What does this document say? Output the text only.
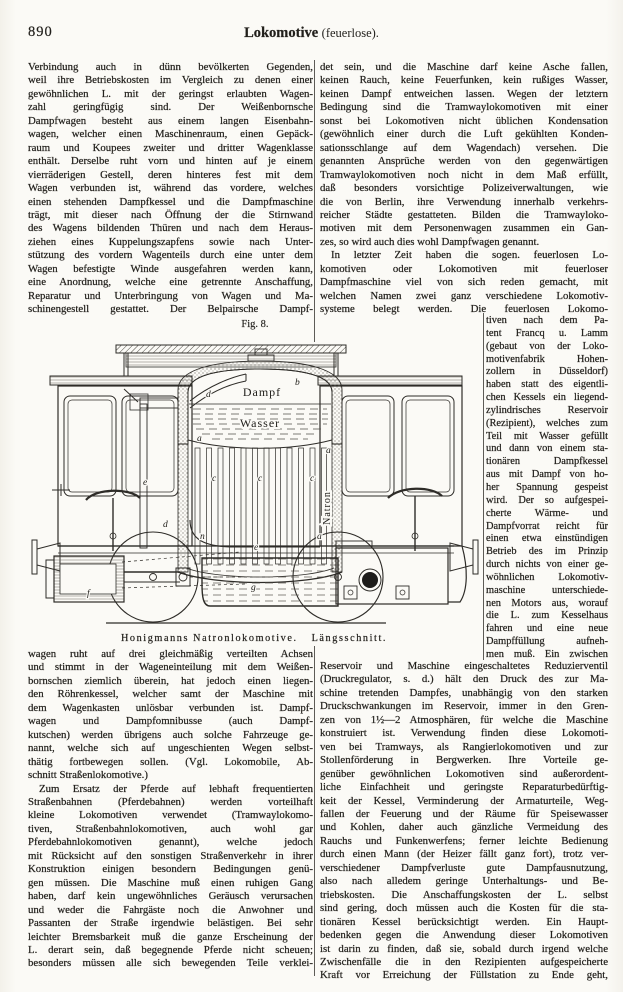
890	Lokomotive (feuerlose).
Verbindung auch in dünn bevölkerten Gegenden,
weil ihre Betriebskosten im Vergleich zu denen einer
gewöhnlichen L. mit der geringst erlaubten Wagen-
zahl geringfügig sind. Der Weißenbornsche
Dampfwagen besteht aus einem langen Eisenbahn-
wagen, welcher einen Maschinenraum, einen Gepäck-
raum und Koupees zweiter und dritter Wagenklasse
enthält. Derselbe ruht vorn und hinten auf je einem
vierräderigen Gestell, deren hinteres fest mit dem
Wagen verbunden ist, während das vordere, welches
einen stehenden Dampfkessel und die Dampfmaschine
trägt, mit dieser nach Öffnung der die Stirnwand
des Wagens bildenden Thüren und nach dem Heraus-
ziehen eines Kuppelungszapfens sowie nach Unter-
stützung des vordern Wagenteils durch eine unter dem
Wagen befestigte Winde ausgefahren werden kann,
eine Anordnung, welche eine getrennte Anschaffung,
Reparatur und Unterbringung von Wagen und Ma-
schinengestell gestattet. Der Belpairsche Dampf-
det sein, und die Maschine darf keine Asche fallen,
keinen Rauch, keine Feuerfunken, kein rußiges Wasser,
keinen Dampf entweichen lassen. Wegen der letztern
Bedingung sind die Tramwaylokomotiven mit einer
sonst bei Lokomotiven nicht üblichen Kondensation
(gewöhnlich einer durch die Luft gekühlten Konden-
sationsschlange auf dem Wagendach) versehen. Die
genannten Ansprüche werden von den gegenwärtigen
Tramwaylokomotiven noch nicht in dem Maß erfüllt,
daß besonders vorsichtige Polizeiverwaltungen, wie
die von Berlin, ihre Verwendung innerhalb verkehrs-
reicher Städte gestatteten. Bilden die Tramwayloko-
motiven mit dem Personenwagen zusammen ein Gan-
zes, so wird auch dies wohl Dampfwagen genannt.
In letzter Zeit haben die sogen. feuerlosen Lo-
komotiven oder Lokomotiven mit feuerloser
Dampfmaschine viel von sich reden gemacht, mit
welchen Namen zwei ganz verschiedene Lokomotiv-
systeme belegt werden. Die feuerlosen Lokomo-
tiven nach dem Pa-
tent Francq u. Lamm
(gebaut von der Loko-
motivenfabrik Hohen-
zollern in Düsseldorf)
haben statt des eigentli-
chen Kessels ein liegend-
zylindrisches Reservoir
(Rezipient), welches zum
Teil mit Wasser gefüllt
und dann von einem sta-
tionären Dampfkessel
aus mit Dampf von ho-
her Spannung gespeist
wird. Der so aufgespei-
cherte Wärme- und
Dampfvorrat reicht für
einen etwa einstündigen
Betrieb des im Prinzip
durch nichts von einer ge-
wöhnlichen Lokomotiv-
maschine unterschiede-
nen Motors aus, worauf
die L. zum Kesselhaus
fahren und eine neue
Dampffüllung aufneh-
men muß. Ein zwischen
wagen ruht auf drei gleichmäßig verteilten Achsen
und stimmt in der Wageneinteilung mit dem Weißen-
bornschen ziemlich überein, hat jedoch einen liegen-
den Röhrenkessel, welcher samt der Maschine mit
dem Wagenkasten unlösbar verbunden ist. Dampf-
wagen und Dampfomnibusse (auch Dampf-
kutschen) werden übrigens auch solche Fahrzeuge ge-
nannt, welche sich auf ungeschienten Wegen selbst-
thätig fortbewegen sollen. (Vgl. Lokomobile, Ab-
schnitt Straßenlokomotive.)
Zum Ersatz der Pferde auf lebhaft frequentierten
Straßenbahnen (Pferdebahnen) werden vorteilhaft
kleine Lokomotiven verwendet (Tramwaylokomo-
tiven, Straßenbahnlokomotiven, auch wohl gar
Pferdebahnlokomotiven genannt), welche jedoch
mit Rücksicht auf den sonstigen Straßenverkehr in ihrer
Konstruktion einigen besondern Bedingungen genü-
gen müssen. Die Maschine muß einen ruhigen Gang
haben, darf kein ungewöhnliches Geräusch verursachen
und weder die Fahrgäste noch die Anwohner und
Passanten der Straße irgendwie belästigen. Bei sehr
leichter Bremsbarkeit muß die ganze Erscheinung der
L. derart sein, daß begegnende Pferde nicht scheuen;
besonders müssen alle sich bewegenden Teile verklei-
Reservoir und Maschine eingeschaltetes Reduzierventil
(Druckregulator, s. d.) hält den Druck des zur Ma-
schine tretenden Dampfes, unabhängig von den starken
Druckschwankungen im Reservoir, immer in den Gren-
zen von 1½—2 Atmosphären, für welche die Maschine
konstruiert ist. Verwendung finden diese Lokomoti-
ven bei Tramways, als Rangierlokomotiven und zur
Stollenförderung in Bergwerken. Ihre Vorteile ge-
genüber gewöhnlichen Lokomotiven sind außerordent-
liche Einfachheit und geringste Reparaturbedürftig-
keit der Kessel, Verminderung der Armaturteile, Weg-
fallen der Feuerung und der Räume für Speisewasser
und Kohlen, daher auch gänzliche Vermeidung des
Rauchs und Funkenwerfens; ferner leichte Bedienung
durch einen Mann (der Heizer fällt ganz fort), trotz ver-
verschiedener Dampfverluste gute Dampfausnutzung,
also nach alledem geringe Unterhaltungs- und Be-
triebskosten. Die Anschaffungskosten der L. selbst
sind gering, doch müssen auch die Kosten für die sta-
tionären Kessel berücksichtigt werden. Ein Haupt-
bedenken gegen die Anwendung dieser Lokomotiven
ist darin zu finden, daß sie, sobald durch irgend welche
Zwischenfälle die in den Rezipienten aufgespeicherte
Kraft vor Erreichung der Füllstation zu Ende geht,
Fig. 8.
Natron
Dampf
Wasser
d
b
a
a
c	c	c
e
d
n
e
a
f
g
Honigmanns Natronlokomotive. Längsschnitt.
